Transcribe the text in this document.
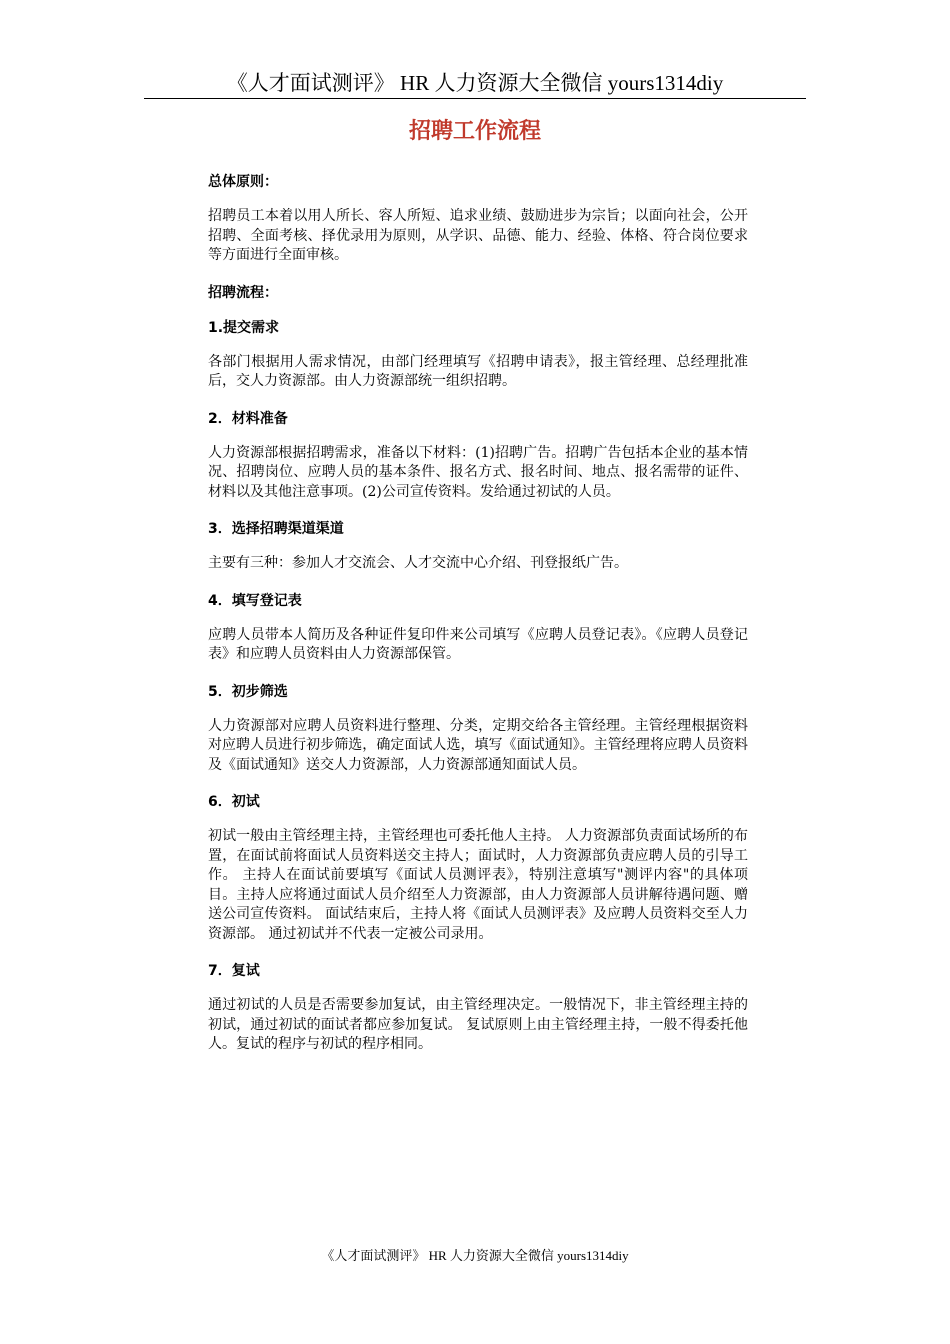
《人才面试测评》 HR 人力资源大全微信 yours1314diy
招聘工作流程

总体原则：

招聘员工本着以用人所长、容人所短、追求业绩、鼓励进步为宗旨；以面向社会，公开招聘、全面考核、择优录用为原则，从学识、品德、能力、经验、体格、符合岗位要求等方面进行全面审核。

招聘流程：

1.提交需求

各部门根据用人需求情况，由部门经理填写《招聘申请表》，报主管经理、总经理批准后，交人力资源部。由人力资源部统一组织招聘。

2．材料准备

人力资源部根据招聘需求，准备以下材料：(1)招聘广告。招聘广告包括本企业的基本情况、招聘岗位、应聘人员的基本条件、报名方式、报名时间、地点、报名需带的证件、材料以及其他注意事项。(2)公司宣传资料。发给通过初试的人员。

3．选择招聘渠道渠道

主要有三种：参加人才交流会、人才交流中心介绍、刊登报纸广告。

4．填写登记表

应聘人员带本人简历及各种证件复印件来公司填写《应聘人员登记表》。《应聘人员登记表》和应聘人员资料由人力资源部保管。

5．初步筛选

人力资源部对应聘人员资料进行整理、分类，定期交给各主管经理。主管经理根据资料对应聘人员进行初步筛选，确定面试人选，填写《面试通知》。主管经理将应聘人员资料及《面试通知》送交人力资源部，人力资源部通知面试人员。

6．初试

初试一般由主管经理主持，主管经理也可委托他人主持。 人力资源部负责面试场所的布置，在面试前将面试人员资料送交主持人；面试时，人力资源部负责应聘人员的引导工作。 主持人在面试前要填写《面试人员测评表》，特别注意填写"测评内容"的具体项目。主持人应将通过面试人员介绍至人力资源部，由人力资源部人员讲解待遇问题、赠送公司宣传资料。 面试结束后，主持人将《面试人员测评表》及应聘人员资料交至人力资源部。 通过初试并不代表一定被公司录用。

7．复试

通过初试的人员是否需要参加复试，由主管经理决定。一般情况下，非主管经理主持的初试，通过初试的面试者都应参加复试。 复试原则上由主管经理主持，一般不得委托他人。复试的程序与初试的程序相同。

《人才面试测评》 HR 人力资源大全微信 yours1314diy
